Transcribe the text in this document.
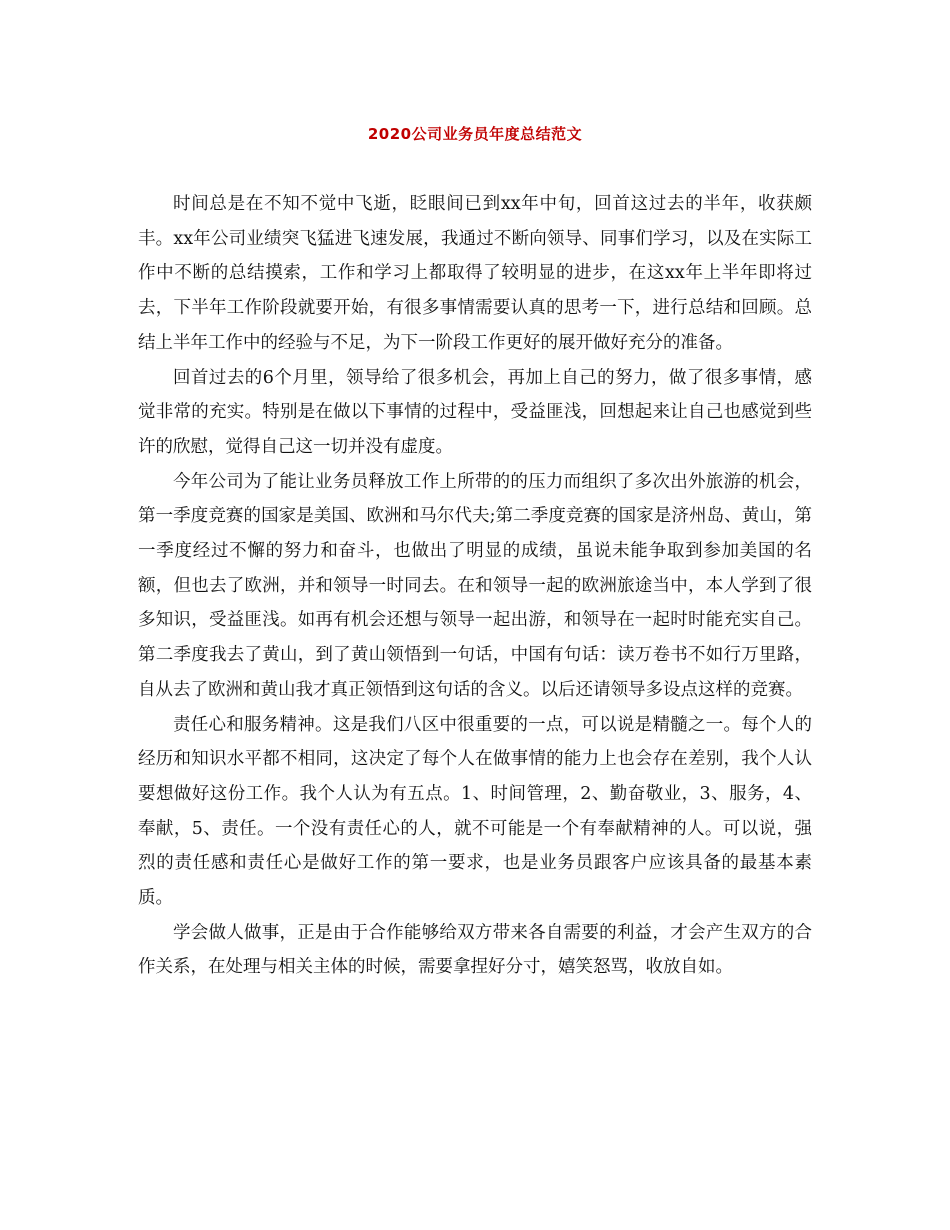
2020公司业务员年度总结范文

时间总是在不知不觉中飞逝，眨眼间已到xx年中旬，回首这过去的半年，收获颇丰。xx年公司业绩突飞猛进飞速发展，我通过不断向领导、同事们学习，以及在实际工作中不断的总结摸索，工作和学习上都取得了较明显的进步，在这xx年上半年即将过去，下半年工作阶段就要开始，有很多事情需要认真的思考一下，进行总结和回顾。总结上半年工作中的经验与不足，为下一阶段工作更好的展开做好充分的准备。

回首过去的6个月里，领导给了很多机会，再加上自己的努力，做了很多事情，感觉非常的充实。特别是在做以下事情的过程中，受益匪浅，回想起来让自己也感觉到些许的欣慰，觉得自己这一切并没有虚度。

今年公司为了能让业务员释放工作上所带的的压力而组织了多次出外旅游的机会，第一季度竞赛的国家是美国、欧洲和马尔代夫;第二季度竞赛的国家是济州岛、黄山，第一季度经过不懈的努力和奋斗，也做出了明显的成绩，虽说未能争取到参加美国的名额，但也去了欧洲，并和领导一时同去。在和领导一起的欧洲旅途当中，本人学到了很多知识，受益匪浅。如再有机会还想与领导一起出游，和领导在一起时时能充实自己。第二季度我去了黄山，到了黄山领悟到一句话，中国有句话：读万卷书不如行万里路，自从去了欧洲和黄山我才真正领悟到这句话的含义。以后还请领导多设点这样的竞赛。

责任心和服务精神。这是我们八区中很重要的一点，可以说是精髓之一。每个人的经历和知识水平都不相同，这决定了每个人在做事情的能力上也会存在差别，我个人认要想做好这份工作。我个人认为有五点。1、时间管理，2、勤奋敬业，3、服务，4、奉献，5、责任。一个没有责任心的人，就不可能是一个有奉献精神的人。可以说，强烈的责任感和责任心是做好工作的第一要求，也是业务员跟客户应该具备的最基本素质。

学会做人做事，正是由于合作能够给双方带来各自需要的利益，才会产生双方的合作关系，在处理与相关主体的时候，需要拿捏好分寸，嬉笑怒骂，收放自如。
